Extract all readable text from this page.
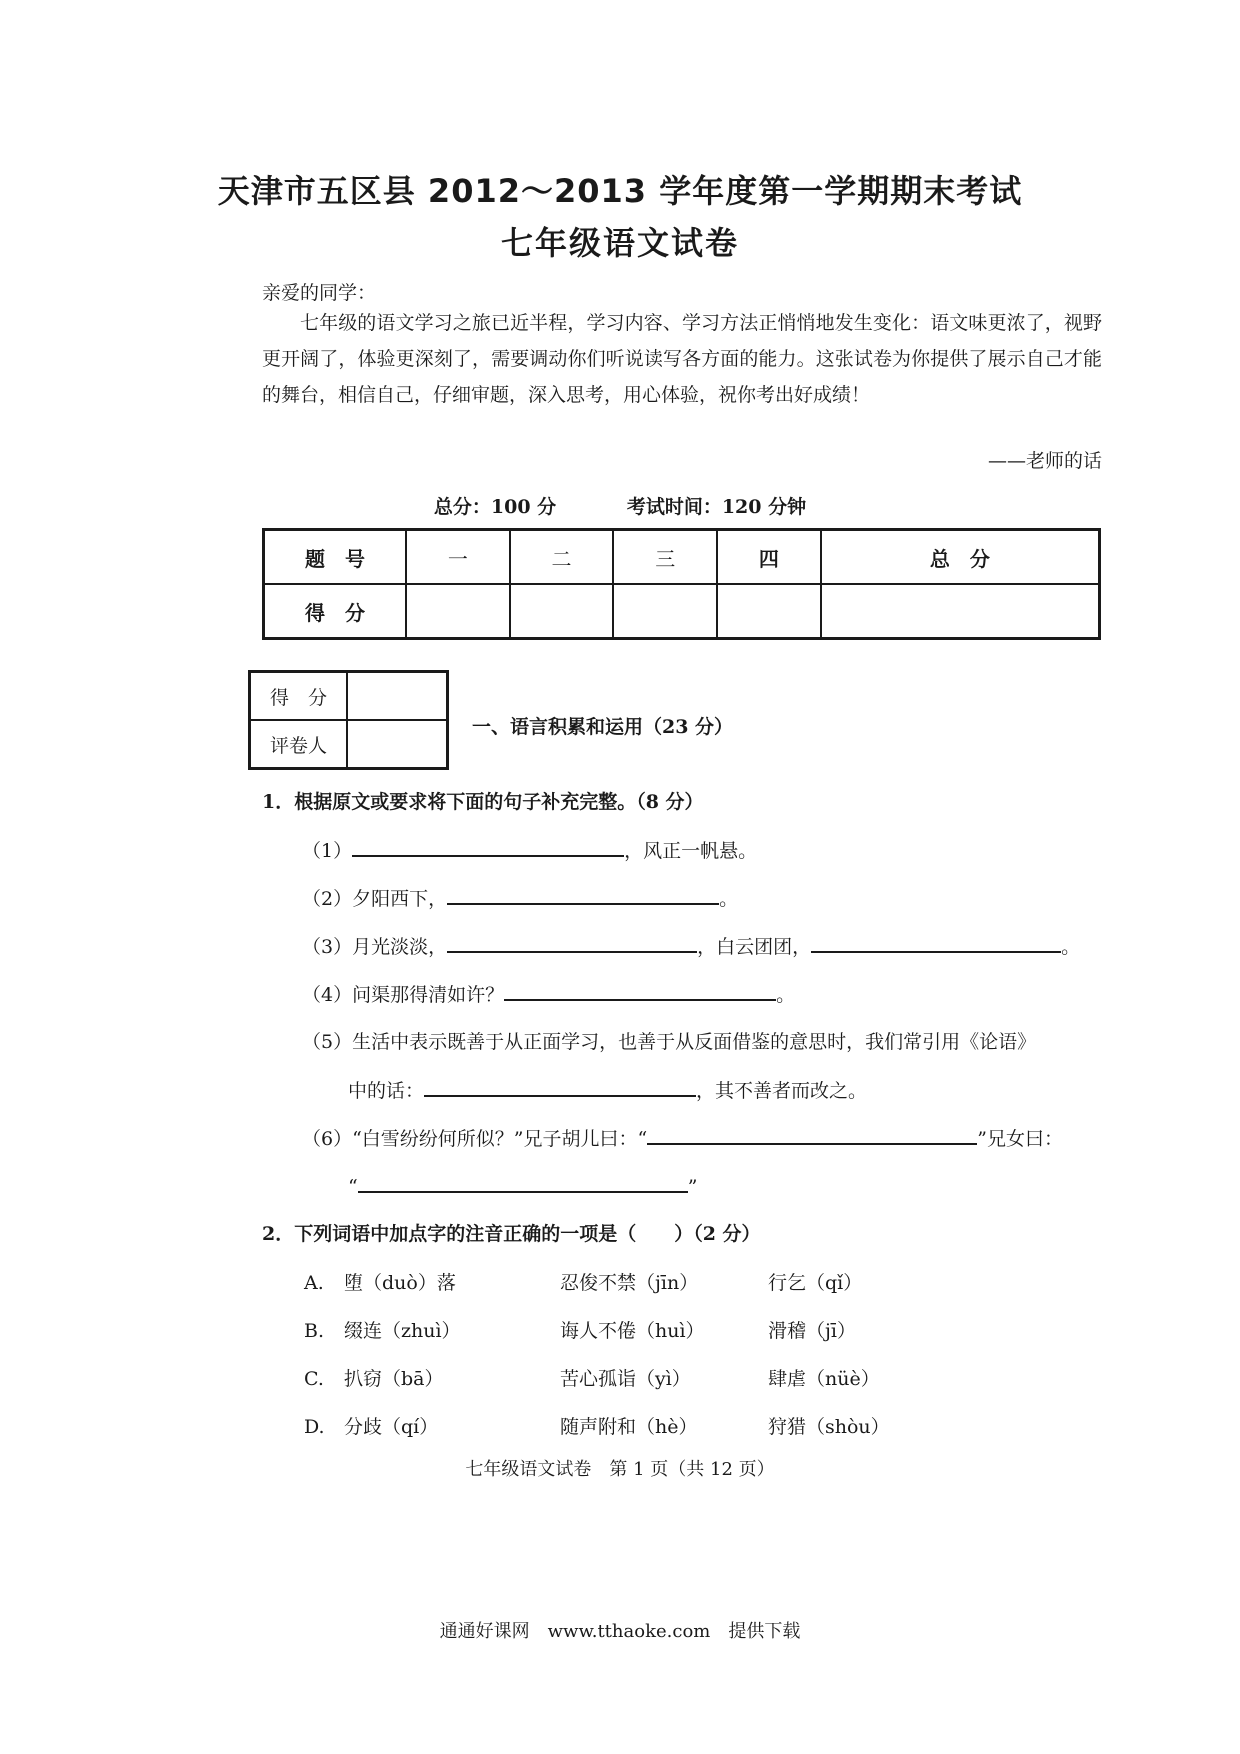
天津市五区县 2012～2013 学年度第一学期期末考试
七年级语文试卷
亲爱的同学：
七年级的语文学习之旅已近半程，学习内容、学习方法正悄悄地发生变化：语文味更浓了，视野更开阔了，体验更深刻了，需要调动你们听说读写各方面的能力。这张试卷为你提供了展示自己才能的舞台，相信自己，仔细审题，深入思考，用心体验，祝你考出好成绩！
——老师的话
总分：100 分	考试时间：120 分钟
题　号	一	二	三	四	总　分
得　分					
得　分	
评卷人	
一、语言积累和运用（23 分）
1．根据原文或要求将下面的句子补充完整。（8 分）
（1）	，风正一帆悬。
（2）夕阳西下，	。
（3）月光淡淡，	，白云团团，	。
（4）问渠那得清如许？	。
（5）生活中表示既善于从正面学习，也善于从反面借鉴的意思时，我们常引用《论语》
中的话：	，其不善者而改之。
（6）“白雪纷纷何所似？”兄子胡儿曰：“	”兄女曰：
“	”
2．下列词语中加点字的注音正确的一项是（　　）（2 分）
A. 堕（duò）落	忍俊不禁（jīn）	行乞（qǐ）
B. 缀连（zhuì）	诲人不倦（huì）	滑稽（jī）
C. 扒窃（bā）	苦心孤诣（yì）	肆虐（nüè）
D. 分歧（qí）	随声附和（hè）	狩猎（shòu）
七年级语文试卷　第 1 页（共 12 页）
通通好课网　www.tthaoke.com　提供下载
